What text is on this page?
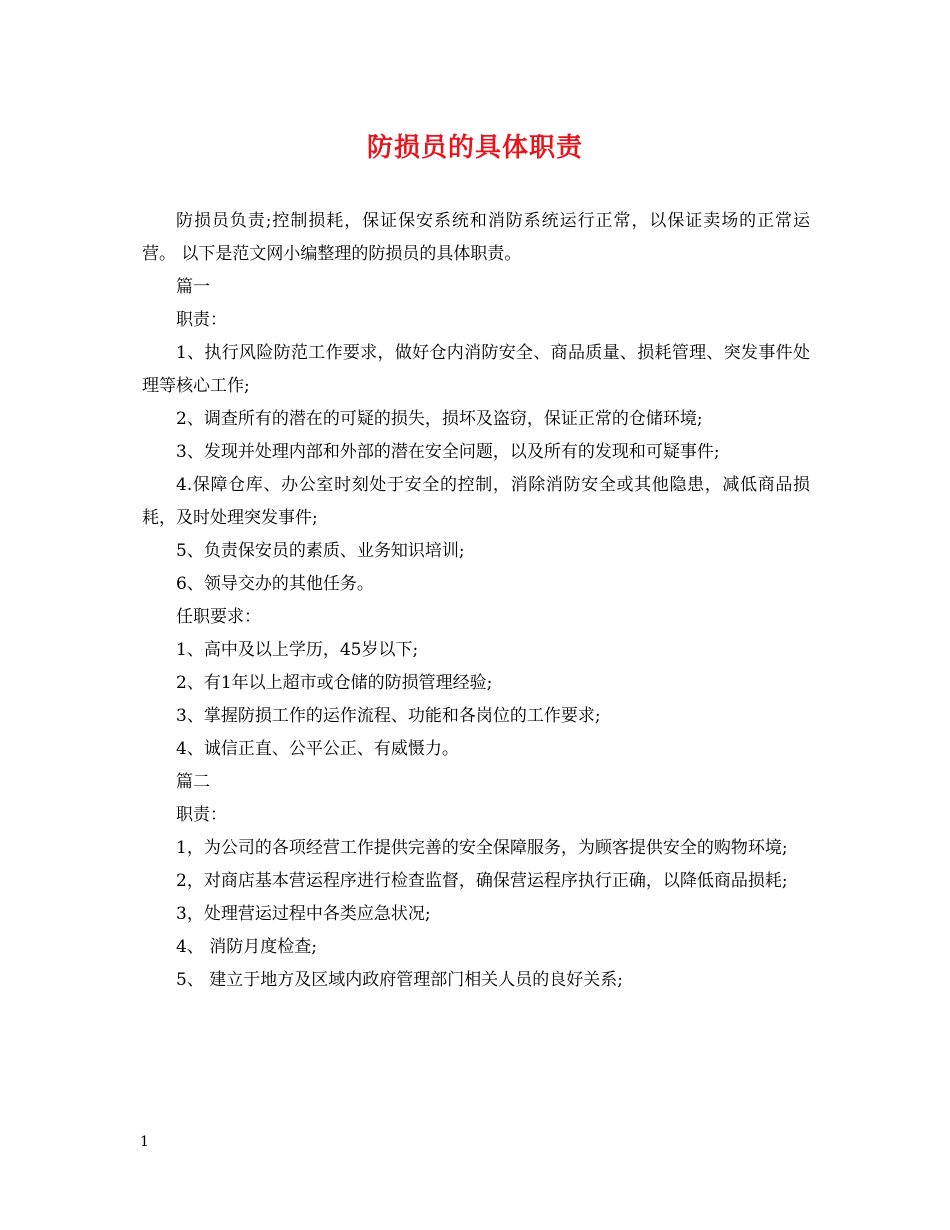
防损员的具体职责

防损员负责;控制损耗，保证保安系统和消防系统运行正常，以保证卖场的正常运营。 以下是范文网小编整理的防损员的具体职责。

篇一

职责：

1、执行风险防范工作要求，做好仓内消防安全、商品质量、损耗管理、突发事件处理等核心工作;

2、调查所有的潜在的可疑的损失，损坏及盗窃，保证正常的仓储环境;

3、发现并处理内部和外部的潜在安全问题，以及所有的发现和可疑事件;

4.保障仓库、办公室时刻处于安全的控制，消除消防安全或其他隐患，减低商品损耗，及时处理突发事件;

5、负责保安员的素质、业务知识培训;

6、领导交办的其他任务。

任职要求：

1、高中及以上学历，45岁以下;

2、有1年以上超市或仓储的防损管理经验;

3、掌握防损工作的运作流程、功能和各岗位的工作要求;

4、诚信正直、公平公正、有威慑力。

篇二

职责：

1，为公司的各项经营工作提供完善的安全保障服务，为顾客提供安全的购物环境;

2，对商店基本营运程序进行检查监督，确保营运程序执行正确，以降低商品损耗;

3，处理营运过程中各类应急状况;

4、 消防月度检查;

5、 建立于地方及区域内政府管理部门相关人员的良好关系;

1
